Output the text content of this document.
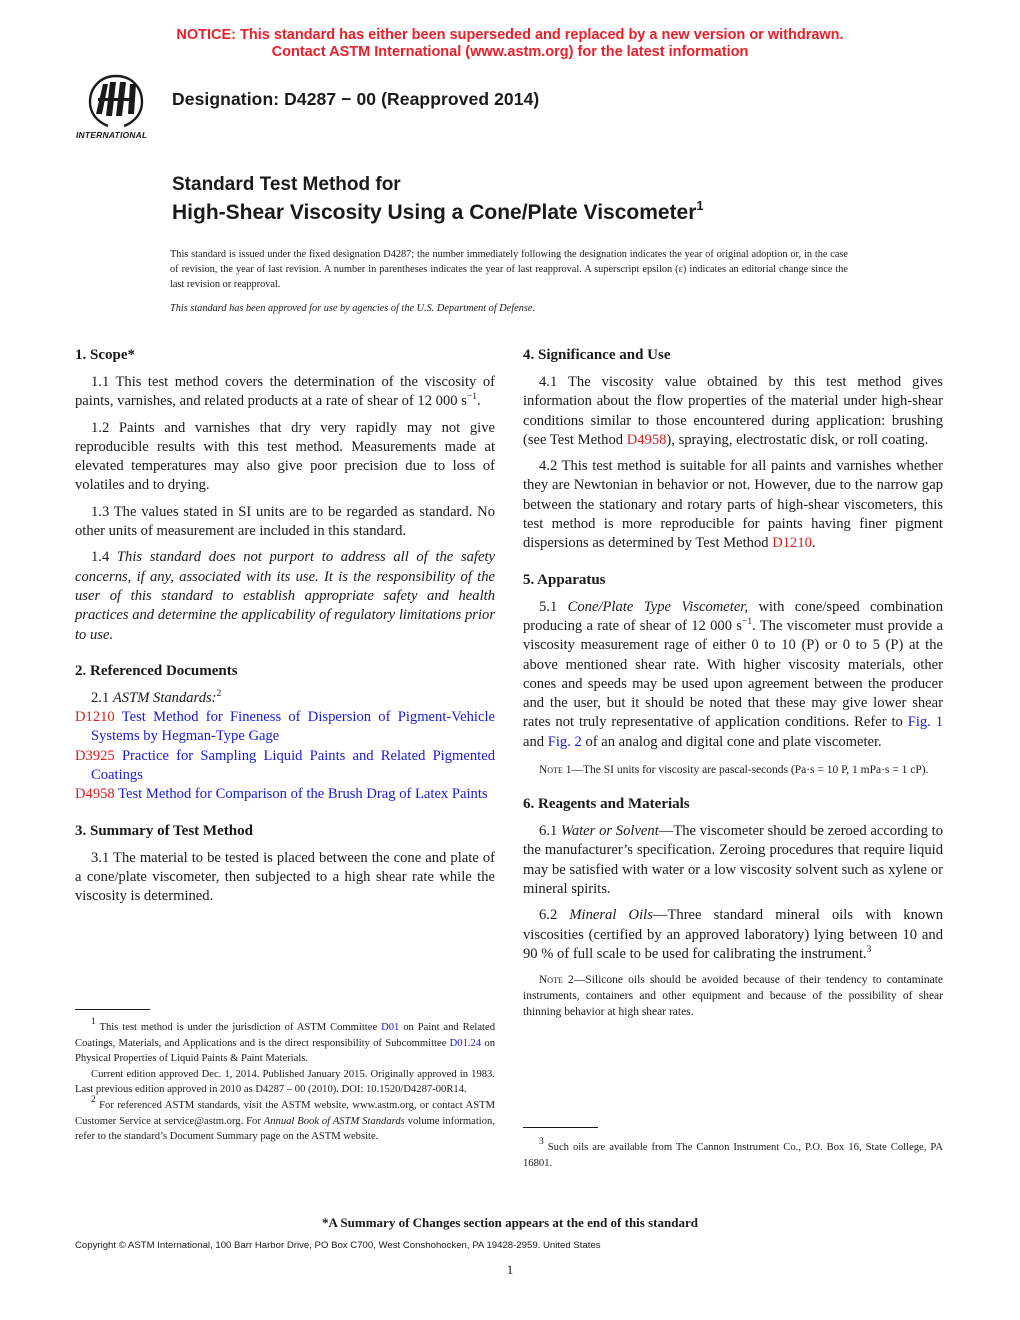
NOTICE: This standard has either been superseded and replaced by a new version or withdrawn.
Contact ASTM International (www.astm.org) for the latest information
INTERNATIONAL
Designation: D4287 − 00 (Reapproved 2014)
Standard Test Method for
High-Shear Viscosity Using a Cone/Plate Viscometer$^1$
This standard is issued under the fixed designation D4287; the number immediately following the designation indicates the year of original adoption or, in the case of revision, the year of last revision. A number in parentheses indicates the year of last reapproval. A superscript epsilon (ε) indicates an editorial change since the last revision or reapproval.
This standard has been approved for use by agencies of the U.S. Department of Defense.
1. Scope*

1.1 This test method covers the determination of the viscosity of paints, varnishes, and related products at a rate of shear of 12 000 $s^{-1}$.

1.2 Paints and varnishes that dry very rapidly may not give reproducible results with this test method. Measurements made at elevated temperatures may also give poor precision due to loss of volatiles and to drying.

1.3 The values stated in SI units are to be regarded as standard. No other units of measurement are included in this standard.

1.4 This standard does not purport to address all of the safety concerns, if any, associated with its use. It is the responsibility of the user of this standard to establish appropriate safety and health practices and determine the applicability of regulatory limitations prior to use.

2. Referenced Documents

2.1 ASTM Standards:$^2$

D1210 Test Method for Fineness of Dispersion of Pigment-Vehicle Systems by Hegman-Type Gage

D3925 Practice for Sampling Liquid Paints and Related Pigmented Coatings

D4958 Test Method for Comparison of the Brush Drag of Latex Paints

3. Summary of Test Method

3.1 The material to be tested is placed between the cone and plate of a cone/plate viscometer, then subjected to a high shear rate while the viscosity is determined.

$^1$ This test method is under the jurisdiction of ASTM Committee D01 on Paint and Related Coatings, Materials, and Applications and is the direct responsibility of Subcommittee D01.24 on Physical Properties of Liquid Paints & Paint Materials.

Current edition approved Dec. 1, 2014. Published January 2015. Originally approved in 1983. Last previous edition approved in 2010 as D4287 – 00 (2010). DOI: 10.1520/D4287-00R14.

$^2$ For referenced ASTM standards, visit the ASTM website, www.astm.org, or contact ASTM Customer Service at service@astm.org. For Annual Book of ASTM Standards volume information, refer to the standard’s Document Summary page on the ASTM website.

4. Significance and Use

4.1 The viscosity value obtained by this test method gives information about the flow properties of the material under high-shear conditions similar to those encountered during application: brushing (see Test Method D4958), spraying, electrostatic disk, or roll coating.

4.2 This test method is suitable for all paints and varnishes whether they are Newtonian in behavior or not. However, due to the narrow gap between the stationary and rotary parts of high-shear viscometers, this test method is more reproducible for paints having finer pigment dispersions as determined by Test Method D1210.

5. Apparatus

5.1 Cone/Plate Type Viscometer, with cone/speed combination producing a rate of shear of 12 000 $s^{-1}$. The viscometer must provide a viscosity measurement rage of either 0 to 10 (P) or 0 to 5 (P) at the above mentioned shear rate. With higher viscosity materials, other cones and speeds may be used upon agreement between the producer and the user, but it should be noted that these may give lower shear rates not truly representative of application conditions. Refer to Fig. 1 and Fig. 2 of an analog and digital cone and plate viscometer.

Note 1—The SI units for viscosity are pascal-seconds (Pa·s = 10 P, 1 mPa·s = 1 cP).
6. Reagents and Materials

6.1 Water or Solvent—The viscometer should be zeroed according to the manufacturer’s specification. Zeroing procedures that require liquid may be satisfied with water or a low viscosity solvent such as xylene or mineral spirits.

6.2 Mineral Oils—Three standard mineral oils with known viscosities (certified by an approved laboratory) lying between 10 and 90 % of full scale to be used for calibrating the instrument.$^3$

Note 2—Silicone oils should be avoided because of their tendency to contaminate instruments, containers and other equipment and because of the possibility of shear thinning behavior at high shear rates.

$^3$ Such oils are available from The Cannon Instrument Co., P.O. Box 16, State College, PA 16801.

*A Summary of Changes section appears at the end of this standard
Copyright © ASTM International, 100 Barr Harbor Drive, PO Box C700, West Conshohocken, PA 19428-2959. United States
1
